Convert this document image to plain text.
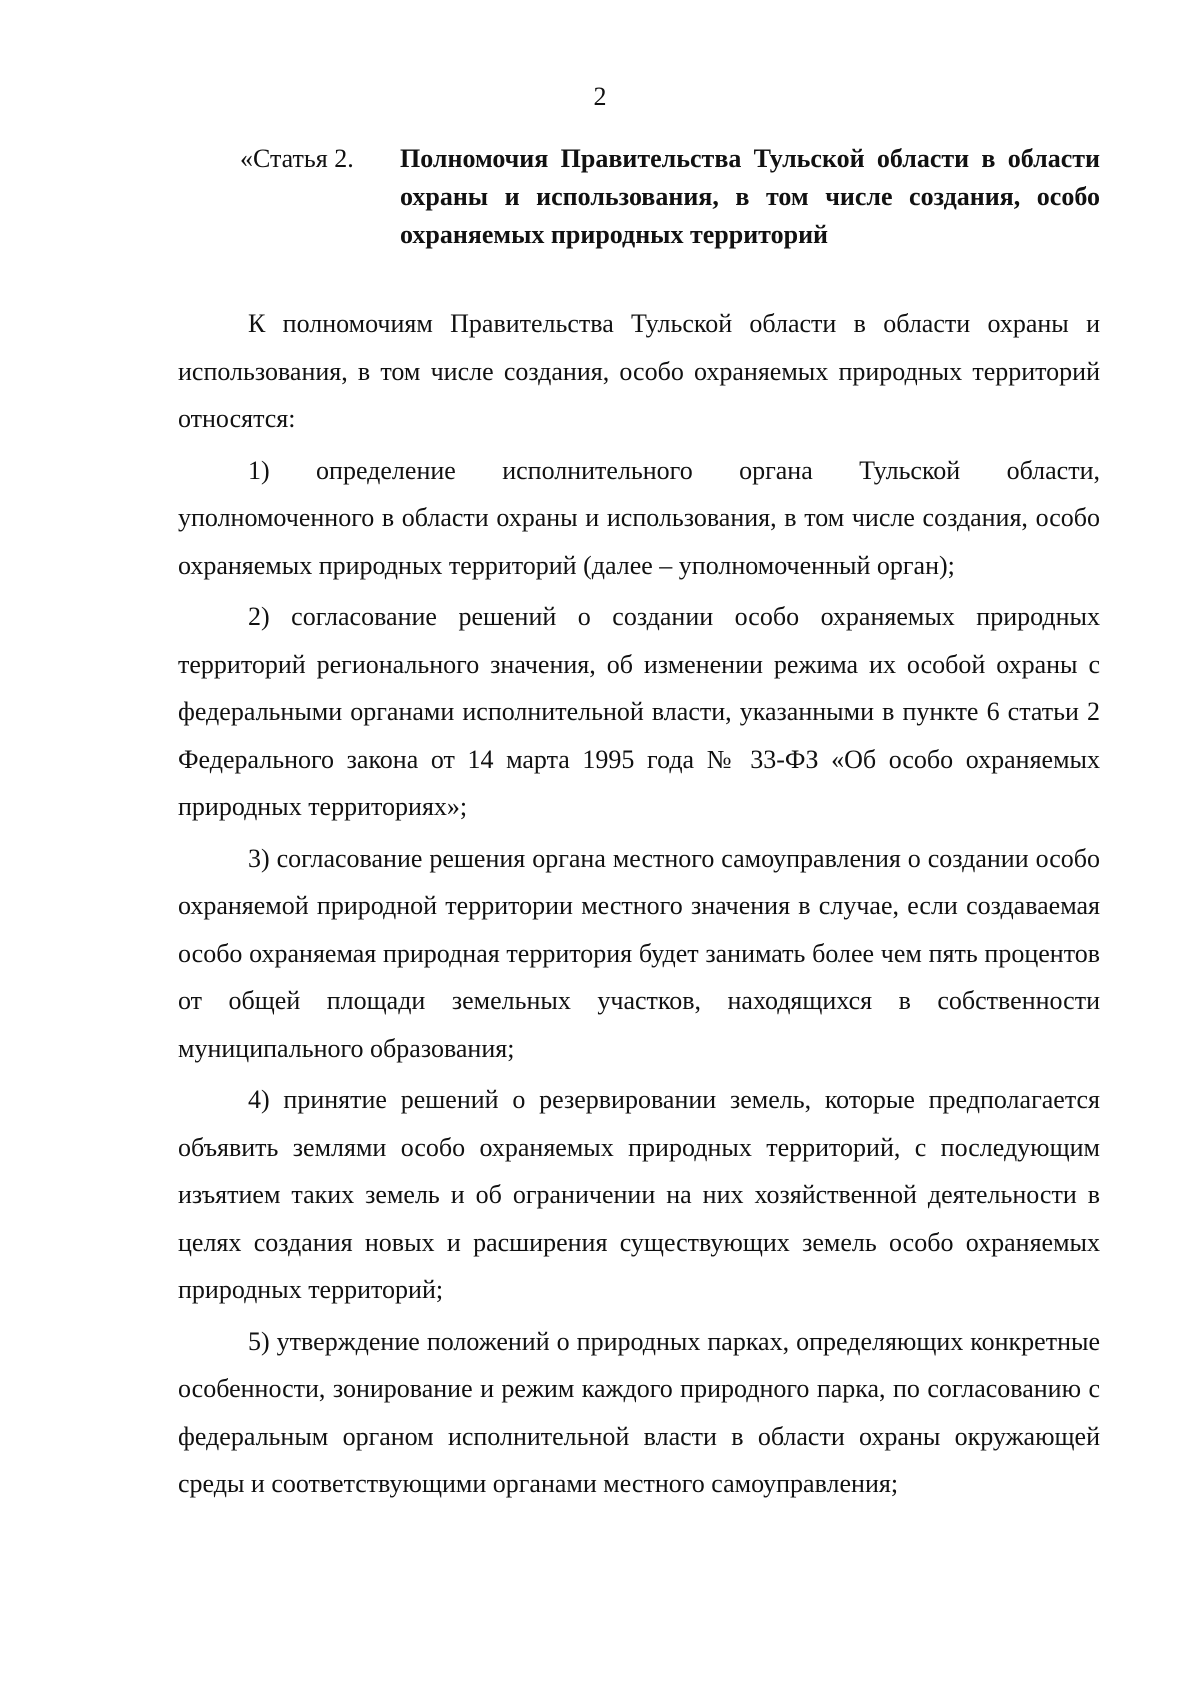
2

«Статья 2.	Полномочия Правительства Тульской области в области охраны и использования, в том числе создания, особо охраняемых природных территорий

К полномочиям Правительства Тульской области в области охраны и использования, в том числе создания, особо охраняемых природных территорий относятся:

1) определение исполнительного органа Тульской области, уполномоченного в области охраны и использования, в том числе создания, особо охраняемых природных территорий (далее – уполномоченный орган);

2) согласование решений о создании особо охраняемых природных территорий регионального значения, об изменении режима их особой охраны с федеральными органами исполнительной власти, указанными в пункте 6 статьи 2 Федерального закона от 14 марта 1995 года № 33-ФЗ «Об особо охраняемых природных территориях»;

3) согласование решения органа местного самоуправления о создании особо охраняемой природной территории местного значения в случае, если создаваемая особо охраняемая природная территория будет занимать более чем пять процентов от общей площади земельных участков, находящихся в собственности муниципального образования;

4) принятие решений о резервировании земель, которые предполагается объявить землями особо охраняемых природных территорий, с последующим изъятием таких земель и об ограничении на них хозяйственной деятельности в целях создания новых и расширения существующих земель особо охраняемых природных территорий;

5) утверждение положений о природных парках, определяющих конкретные особенности, зонирование и режим каждого природного парка, по согласованию с федеральным органом исполнительной власти в области охраны окружающей среды и соответствующими органами местного самоуправления;
